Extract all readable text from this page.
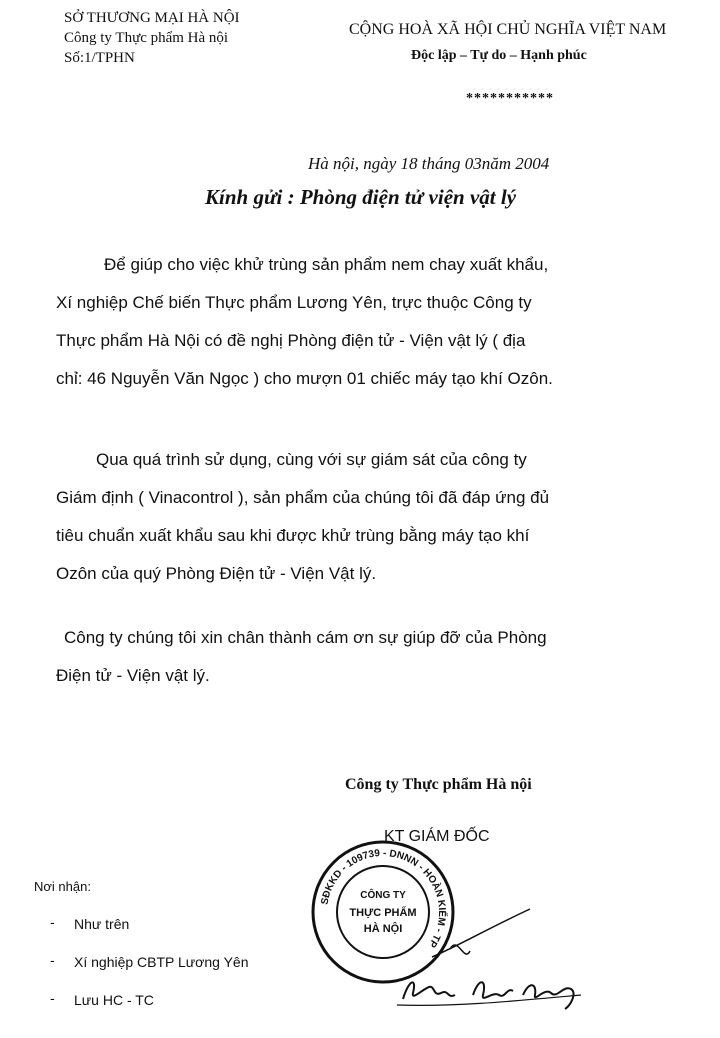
SỞ THƯƠNG MẠI HÀ NỘI
Công ty Thực phẩm Hà nội
Số:1/TPHN
CỘNG HOÀ XÃ HỘI CHỦ NGHĨA VIỆT NAM
Độc lập – Tự do – Hạnh phúc
***********
Hà nội, ngày 18 tháng 03năm 2004
Kính gửi : Phòng điện tử viện vật lý
Để giúp cho việc khử trùng sản phẩm nem chay xuất khẩu,
Xí nghiệp Chế biến Thực phẩm Lương Yên, trực thuộc Công ty
Thực phẩm Hà Nội có đề nghị Phòng điện tử - Viện vật lý ( địa
chỉ: 46 Nguyễn Văn Ngọc ) cho mượn 01 chiếc máy tạo khí Ozôn.
Qua quá trình sử dụng, cùng với sự giám sát của công ty
Giám định ( Vinacontrol ), sản phẩm của chúng tôi đã đáp ứng đủ
tiêu chuẩn xuất khẩu sau khi được khử trùng bằng máy tạo khí
Ozôn của quý Phòng Điện tử - Viện Vật lý.
Công ty chúng tôi xin chân thành cám ơn sự giúp đỡ của Phòng
Điện tử - Viện vật lý.
Công ty Thực phẩm Hà nội
KT GIÁM ĐỐC
SĐKKD - 109739 - DNNN - HOÀN KIẾM - TP
CÔNG TY
THỰC PHẨM
HÀ NỘI
Nơi nhận:
- Như trên
- Xí nghiệp CBTP Lương Yên
- Lưu HC - TC
